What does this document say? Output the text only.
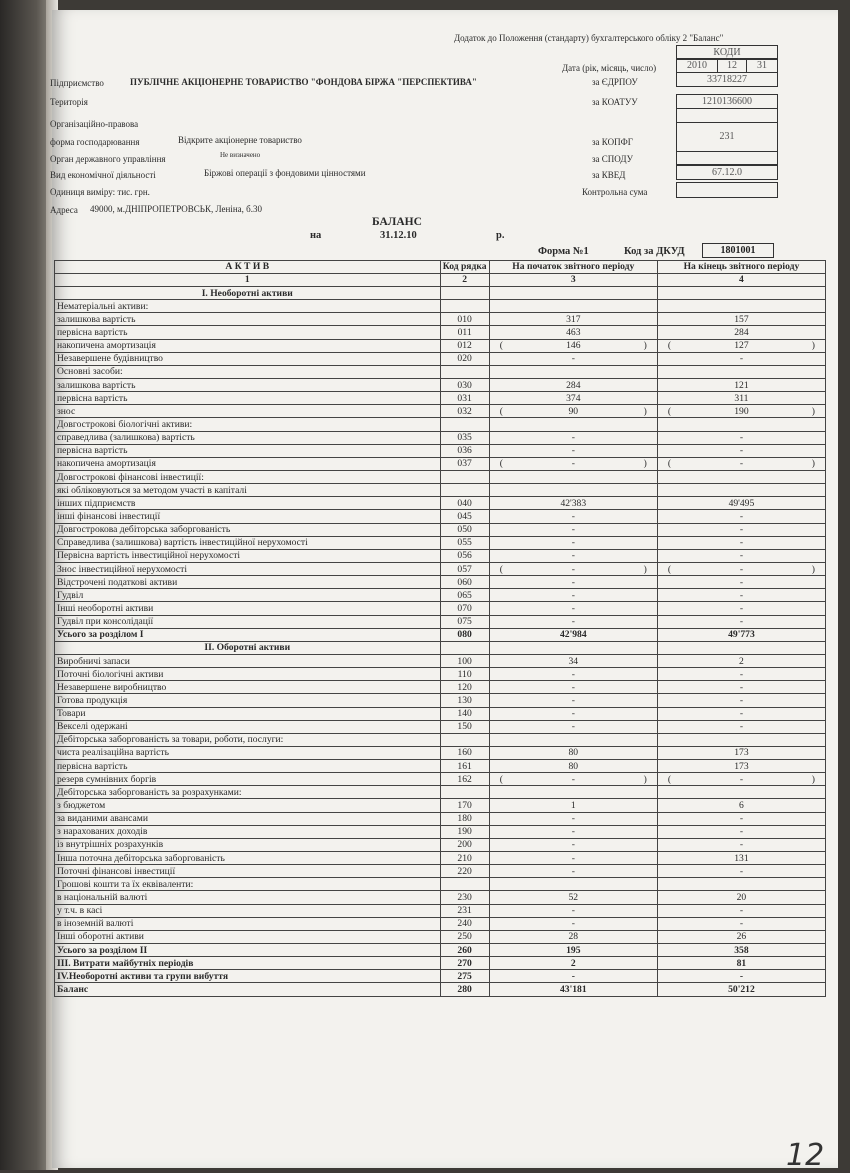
Додаток до Положення (стандарту) бухгалтерського обліку 2 "Баланс"
КОДИ
Дата (рік, місяць, число)	2010	12	31
Підприємство	ПУБЛІЧНЕ АКЦІОНЕРНЕ ТОВАРИСТВО "ФОНДОВА БІРЖА "ПЕРСПЕКТИВА"	за ЄДРПОУ	33718227
Територія	за КОАТУУ	1210136600
Організаційно-правова
форма господарювання	Відкрите акціонерне товариство	за КОПФГ	231
Орган державного управління	Не визначено	за СПОДУ
Вид економічної діяльності	Біржові операції з фондовими цінностями	за КВЕД	67.12.0
Одиниця виміру: тис. грн.	Контрольна сума
Адреса 49000, м.ДНІПРОПЕТРОВСЬК, Леніна, б.30
БАЛАНС
на	31.12.10	р.
Форма №1	Код за ДКУД	1801001
А К Т И В	Код рядка	На початок звітного періоду	На кінець звітного періоду
1	2	3	4
I. Необоротні активи			
Нематеріальні активи:			
залишкова вартість	010	317	157
первісна вартість	011	463	284
накопичена амортизація	012	( 146 )	( 127 )

Незавершене будівництво	020	-	-
Основні засоби:			
залишкова вартість	030	284	121
первісна вартість	031	374	311
знос	032	( 90 )	( 190 )

Довгострокові біологічні активи:			
справедлива (залишкова) вартість	035	-	-
первісна вартість	036	-	-
накопичена амортизація	037	( - )	( - )

Довгострокові фінансові інвестиції:			
які обліковуються за методом участі в капіталі			
інших підприємств	040	42'383	49'495
інші фінансові інвестиції	045	-	-
Довгострокова дебіторська заборгованість	050	-	-
Справедлива (залишкова) вартість інвестиційної нерухомості	055	-	-
Первісна вартість інвестиційної нерухомості	056	-	-
Знос інвестиційної нерухомості	057	( - )	( - )

Відстрочені податкові активи	060	-	-
Гудвіл	065	-	-
Інші необоротні активи	070	-	-
Гудвіл при консолідації	075	-	-
Усього за розділом I	080	42'984	49'773
II. Оборотні активи			
Виробничі запаси	100	34	2
Поточні біологічні активи	110	-	-
Незавершене виробництво	120	-	-
Готова продукція	130	-	-
Товари	140	-	-
Векселі одержані	150	-	-
Дебіторська заборгованість за товари, роботи, послуги:			
чиста реалізаційна вартість	160	80	173
первісна вартість	161	80	173
резерв сумнівних боргів	162	( - )	( - )

Дебіторська заборгованість за розрахунками:			
з бюджетом	170	1	6
за виданими авансами	180	-	-
з нарахованих доходів	190	-	-
із внутрішніх розрахунків	200	-	-
Інша поточна дебіторська заборгованість	210	-	131
Поточні фінансові інвестиції	220	-	-
Грошові кошти та їх еквіваленти:			
в національній валюті	230	52	20
у т.ч. в касі	231	-	-
в іноземній валюті	240	-	-
Інші оборотні активи	250	28	26
Усього за розділом II	260	195	358
III. Витрати майбутніх періодів	270	2	81
IV.Необоротні активи та групи вибуття	275	-	-
Баланс	280	43'181	50'212
12
